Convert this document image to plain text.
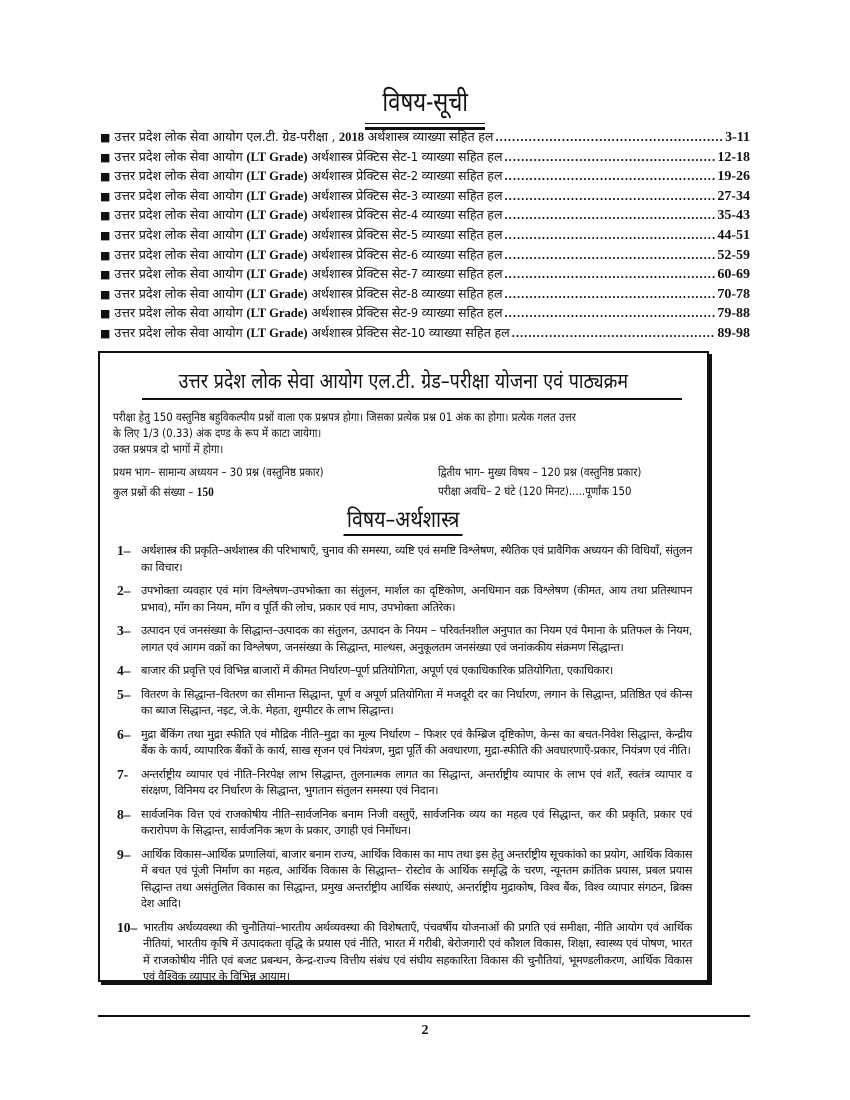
विषय-सूची
■ उत्तर प्रदेश लोक सेवा आयोग एल.टी. ग्रेड-परीक्षा , 2018 अर्थशास्त्र व्याख्या सहित हल .....	3-11
■ उत्तर प्रदेश लोक सेवा आयोग (LT Grade) अर्थशास्त्र प्रेक्टिस सेट-1 व्याख्या सहित हल .....	12-18
■ उत्तर प्रदेश लोक सेवा आयोग (LT Grade) अर्थशास्त्र प्रेक्टिस सेट-2 व्याख्या सहित हल .....	19-26
■ उत्तर प्रदेश लोक सेवा आयोग (LT Grade) अर्थशास्त्र प्रेक्टिस सेट-3 व्याख्या सहित हल .....	27-34
■ उत्तर प्रदेश लोक सेवा आयोग (LT Grade) अर्थशास्त्र प्रेक्टिस सेट-4 व्याख्या सहित हल .....	35-43
■ उत्तर प्रदेश लोक सेवा आयोग (LT Grade) अर्थशास्त्र प्रेक्टिस सेट-5 व्याख्या सहित हल .....	44-51
■ उत्तर प्रदेश लोक सेवा आयोग (LT Grade) अर्थशास्त्र प्रेक्टिस सेट-6 व्याख्या सहित हल .....	52-59
■ उत्तर प्रदेश लोक सेवा आयोग (LT Grade) अर्थशास्त्र प्रेक्टिस सेट-7 व्याख्या सहित हल .....	60-69
■ उत्तर प्रदेश लोक सेवा आयोग (LT Grade) अर्थशास्त्र प्रेक्टिस सेट-8 व्याख्या सहित हल .....	70-78
■ उत्तर प्रदेश लोक सेवा आयोग (LT Grade) अर्थशास्त्र प्रेक्टिस सेट-9 व्याख्या सहित हल .....	79-88
■ उत्तर प्रदेश लोक सेवा आयोग (LT Grade) अर्थशास्त्र प्रेक्टिस सेट-10 व्याख्या सहित हल .....	89-98
उत्तर प्रदेश लोक सेवा आयोग एल.टी. ग्रेड–परीक्षा योजना एवं पाठ्यक्रम

परीक्षा हेतु 150 वस्तुनिष्ठ बहुविकल्पीय प्रश्नों वाला एक प्रश्नपत्र होगा। जिसका प्रत्येक प्रश्न 01 अंक का होगा। प्रत्येक गलत उत्तर

के लिए 1/3 (0.33) अंक दण्ड के रूप में काटा जायेगा।

उक्त प्रश्नपत्र दो भागों में होगा।

प्रथम भाग– सामान्य अध्ययन – 30 प्रश्न (वस्तुनिष्ठ प्रकार)	द्वितीय भाग– मुख्य विषय – 120 प्रश्न (वस्तुनिष्ठ प्रकार)
कुल प्रश्नों की संख्या – 150	परीक्षा अवधि– 2 घंटे (120 मिनट).....पूर्णांक 150
विषय–अर्थशास्त्र
1– अर्थशास्त्र की प्रकृति–अर्थशास्त्र की परिभाषाएँ, चुनाव की समस्या, व्यष्टि एवं समष्टि विश्लेषण, स्थैतिक एवं प्रावैगिक अध्ययन की विधियाँ, संतुलन का विचार।
2– उपभोक्ता व्यवहार एवं मांग विश्लेषण–उपभोक्ता का संतुलन, मार्शल का दृष्टिकोण, अनधिमान वक्र विश्लेषण (कीमत, आय तथा प्रतिस्थापन प्रभाव), माँग का नियम, माँग व पूर्ति की लोच, प्रकार एवं माप, उपभोक्ता अतिरेक।
3– उत्पादन एवं जनसंख्या के सिद्धान्त–उत्पादक का संतुलन, उत्पादन के नियम – परिवर्तनशील अनुपात का नियम एवं पैमाना के प्रतिफल के नियम, लागत एवं आगम वक्रों का विश्लेषण, जनसंख्या के सिद्धान्त, माल्थस, अनुकूलतम जनसंख्या एवं जनांककीय संक्रमण सिद्धान्त।
4– बाजार की प्रवृत्ति एवं विभिन्न बाजारों में कीमत निर्धारण–पूर्ण प्रतियोगिता, अपूर्ण एवं एकाधिकारिक प्रतियोगिता, एकाधिकार।
5– वितरण के सिद्धान्त–वितरण का सीमान्त सिद्धान्त, पूर्ण व अपूर्ण प्रतियोगिता में मजदूरी दर का निर्धारण, लगान के सिद्धान्त, प्रतिष्ठित एवं कीन्स का ब्याज सिद्धान्त, नइट, जे.के. मेहता, शुम्पीटर के लाभ सिद्धान्त।
6– मुद्रा बैंकिंग तथा मुद्रा स्फीति एवं मौद्रिक नीति–मुद्रा का मूल्य निर्धारण – फिशर एवं कैम्ब्रिज दृष्टिकोण, केन्स का बचत-निवेश सिद्धान्त, केन्द्रीय बैंक के कार्य, व्यापारिक बैंकों के कार्य, साख सृजन एवं नियंत्रण, मुद्रा पूर्ति की अवधारणा, मुद्रा-स्फीति की अवधारणाएँ-प्रकार, नियंत्रण एवं नीति।
7- अन्तर्राष्ट्रीय व्यापार एवं नीति–निरपेक्ष लाभ सिद्धान्त, तुलनात्मक लागत का सिद्धान्त, अन्तर्राष्ट्रीय व्यापार के लाभ एवं शर्तें, स्वतंत्र व्यापार व संरक्षण, विनिमय दर निर्धारण के सिद्धान्त, भुगतान संतुलन समस्या एवं निदान।
8– सार्वजनिक वित्त एवं राजकोषीय नीति–सार्वजनिक बनाम निजी वस्तुएँ, सार्वजनिक व्यय का महत्व एवं सिद्धान्त, कर की प्रकृति, प्रकार एवं करारोपण के सिद्धान्त, सार्वजनिक ऋण के प्रकार, उगाही एवं निर्मोधन।
9– आर्थिक विकास–आर्थिक प्रणालियां, बाजार बनाम राज्य, आर्थिक विकास का माप तथा इस हेतु अन्तर्राष्ट्रीय सूचकांको का प्रयोग, आर्थिक विकास में बचत एवं पूंजी निर्माण का महत्व, आर्थिक विकास के सिद्धान्त– रोस्टोव के आर्थिक समृद्धि के चरण, न्यूनतम क्रांतिक प्रयास, प्रबल प्रयास सिद्धान्त तथा असंतुलित विकास का सिद्धान्त, प्रमुख अन्तर्राष्ट्रीय आर्थिक संस्थाएं, अन्तर्राष्ट्रीय मुद्राकोष, विश्व बैंक, विश्व व्यापार संगठन, ब्रिक्स देश आदि।
10– भारतीय अर्थव्यवस्था की चुनौतियां–भारतीय अर्थव्यवस्था की विशेषताएँ, पंचवर्षीय योजनाओं की प्रगति एवं समीक्षा, नीति आयोग एवं आर्थिक नीतियां, भारतीय कृषि में उत्पादकता वृद्धि के प्रयास एवं नीति, भारत में गरीबी, बेरोजगारी एवं कौशल विकास, शिक्षा, स्वास्थ्य एवं पोषण, भारत में राजकोषीय नीति एवं बजट प्रबन्धन, केन्द्र-राज्य वित्तीय संबंध एवं संघीय सहकारिता विकास की चुनौतियां, भूमण्डलीकरण, आर्थिक विकास एवं वैश्विक व्यापार के विभिन्न आयाम।
2
